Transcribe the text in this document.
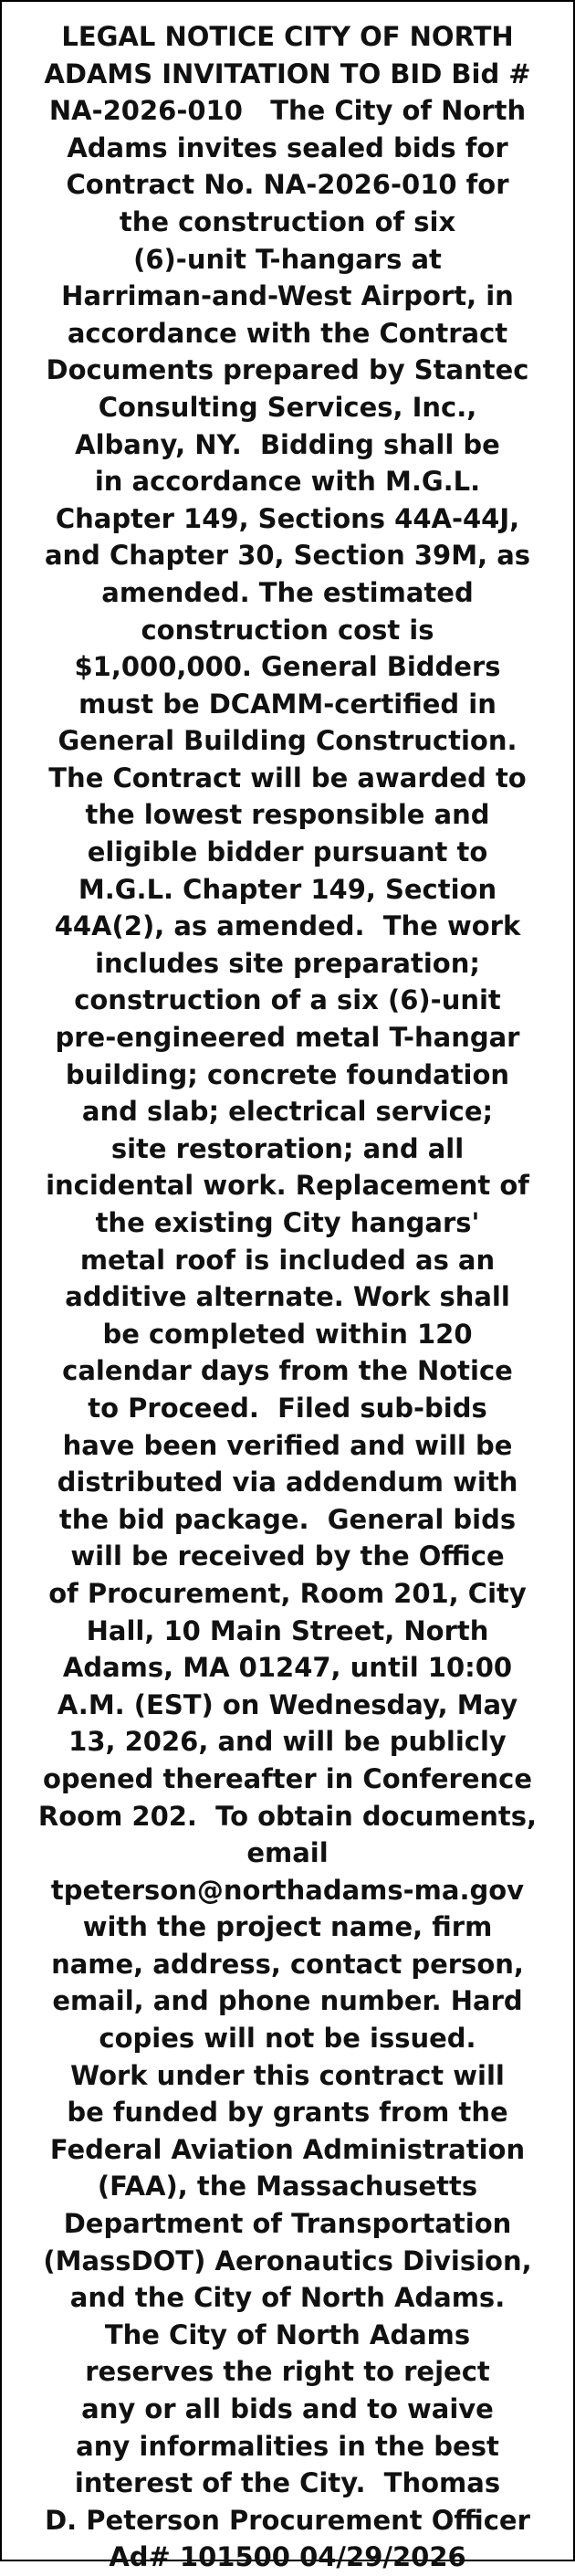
LEGAL NOTICE CITY OF NORTH
ADAMS INVITATION TO BID Bid #
NA-2026-010   The City of North
Adams invites sealed bids for
Contract No. NA-2026-010 for
the construction of six
(6)-unit T-hangars at
Harriman-and-West Airport, in
accordance with the Contract
Documents prepared by Stantec
Consulting Services, Inc.,
Albany, NY.  Bidding shall be
in accordance with M.G.L.
Chapter 149, Sections 44A-44J,
and Chapter 30, Section 39M, as
amended. The estimated
construction cost is
$1,000,000. General Bidders
must be DCAMM-certified in
General Building Construction.
The Contract will be awarded to
the lowest responsible and
eligible bidder pursuant to
M.G.L. Chapter 149, Section
44A(2), as amended.  The work
includes site preparation;
construction of a six (6)-unit
pre-engineered metal T-hangar
building; concrete foundation
and slab; electrical service;
site restoration; and all
incidental work. Replacement of
the existing City hangars'
metal roof is included as an
additive alternate. Work shall
be completed within 120
calendar days from the Notice
to Proceed.  Filed sub-bids
have been verified and will be
distributed via addendum with
the bid package.  General bids
will be received by the Office
of Procurement, Room 201, City
Hall, 10 Main Street, North
Adams, MA 01247, until 10:00
A.M. (EST) on Wednesday, May
13, 2026, and will be publicly
opened thereafter in Conference
Room 202.  To obtain documents,
email
tpeterson@northadams-ma.gov
with the project name, firm
name, address, contact person,
email, and phone number. Hard
copies will not be issued.
Work under this contract will
be funded by grants from the
Federal Aviation Administration
(FAA), the Massachusetts
Department of Transportation
(MassDOT) Aeronautics Division,
and the City of North Adams.
The City of North Adams
reserves the right to reject
any or all bids and to waive
any informalities in the best
interest of the City.  Thomas
D. Peterson Procurement Officer
Ad# 101500 04/29/2026
